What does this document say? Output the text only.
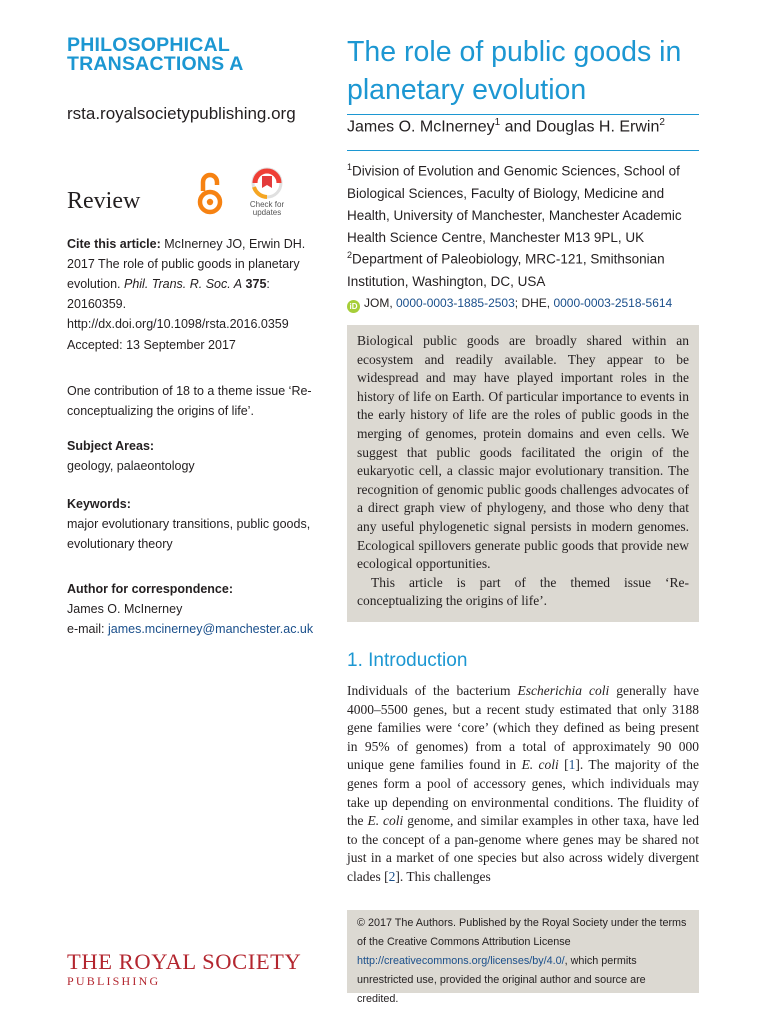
PHILOSOPHICAL
TRANSACTIONS A
rsta.royalsocietypublishing.org
Review	Check for
updates
Cite this article: McInerney JO, Erwin DH. 2017 The role of public goods in planetary evolution. Phil. Trans. R. Soc. A 375: 20160359. http://dx.doi.org/10.1098/rsta.2016.0359
Accepted: 13 September 2017
One contribution of 18 to a theme issue ‘Re-conceptualizing the origins of life’.
Subject Areas:
geology, palaeontology
Keywords:
major evolutionary transitions, public goods, evolutionary theory
Author for correspondence:
James O. McInerney
e-mail: james.mcinerney@manchester.ac.uk
THE ROYAL SOCIETY
PUBLISHING
The role of public goods in planetary evolution
James O. McInerney$^1$ and Douglas H. Erwin$^2$
$^1$Division of Evolution and Genomic Sciences, School of Biological Sciences, Faculty of Biology, Medicine and Health, University of Manchester, Manchester Academic Health Science Centre, Manchester M13 9PL, UK
$^2$Department of Paleobiology, MRC-121, Smithsonian Institution, Washington, DC, USA
iD JOM, 0000-0003-1885-2503; DHE, 0000-0003-2518-5614

Biological public goods are broadly shared within an ecosystem and readily available. They appear to be widespread and may have played important roles in the history of life on Earth. Of particular importance to events in the early history of life are the roles of public goods in the merging of genomes, protein domains and even cells. We suggest that public goods facilitated the origin of the eukaryotic cell, a classic major evolutionary transition. The recognition of genomic public goods challenges advocates of a direct graph view of phylogeny, and those who deny that any useful phylogenetic signal persists in modern genomes. Ecological spillovers generate public goods that provide new ecological opportunities.

This article is part of the themed issue ‘Re-conceptualizing the origins of life’.

1. Introduction

Individuals of the bacterium Escherichia coli generally have 4000–5500 genes, but a recent study estimated that only 3188 gene families were ‘core’ (which they defined as being present in 95% of genomes) from a total of approximately 90 000 unique gene families found in E. coli [1]. The majority of the genes form a pool of accessory genes, which individuals may take up depending on environmental conditions. The fluidity of the E. coli genome, and similar examples in other taxa, have led to the concept of a pan-genome where genes may be shared not just in a market of one species but also across widely divergent clades [2]. This challenges

© 2017 The Authors. Published by the Royal Society under the terms of the Creative Commons Attribution License http://creativecommons.org/licenses/by/4.0/, which permits unrestricted use, provided the original author and source are credited.
